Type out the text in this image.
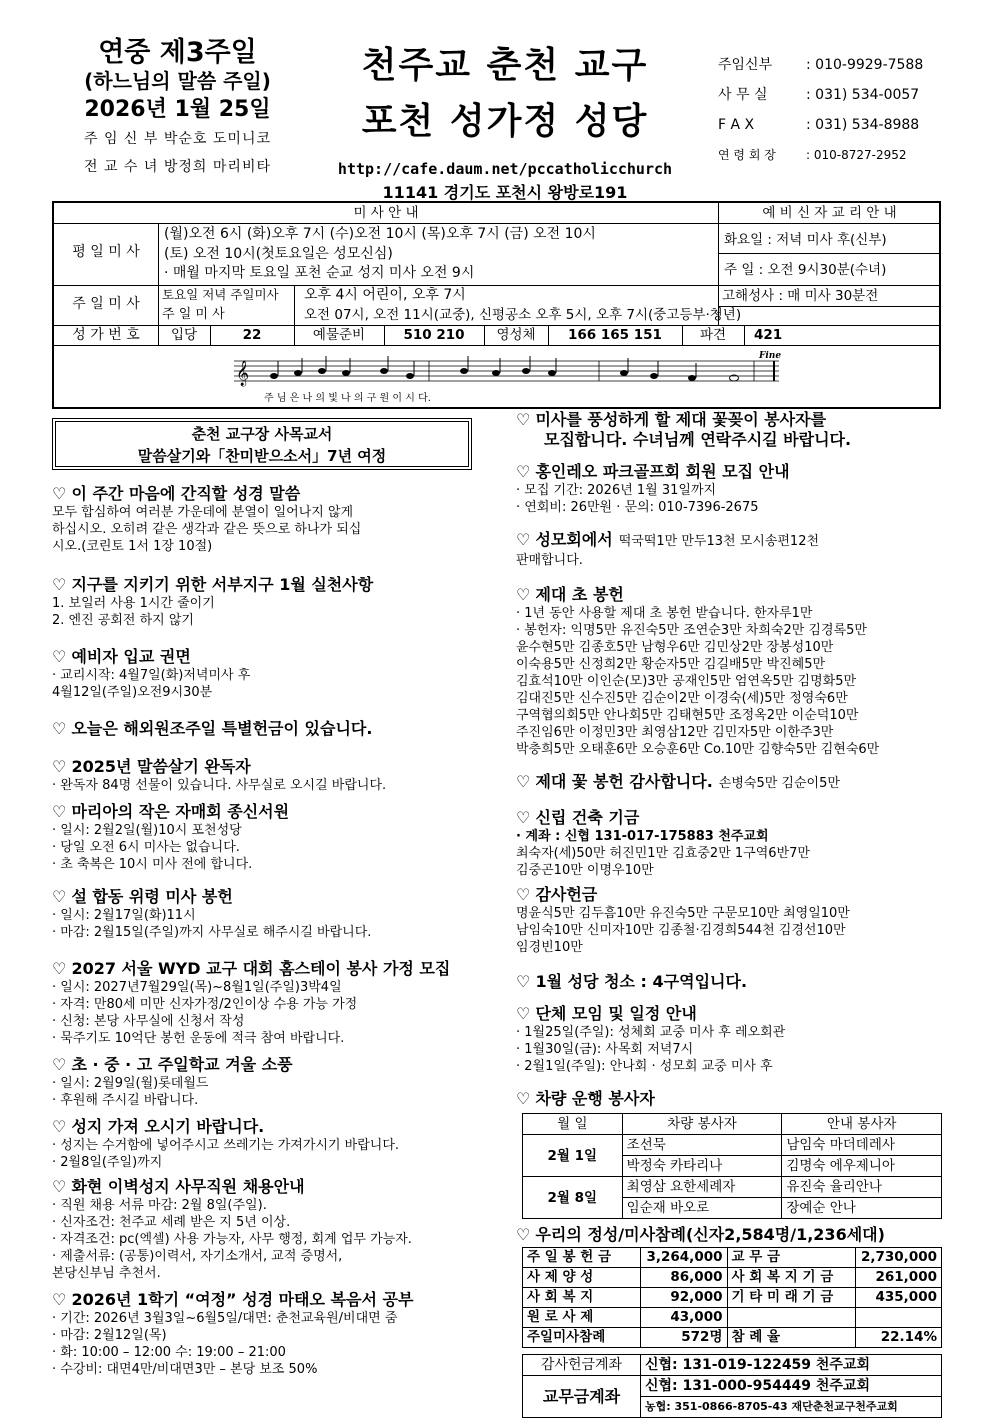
연중 제3주일
(하느님의 말씀 주일)
2026년 1월 25일
주 임 신 부 박순호 도미니코
전 교 수 녀 방정희 마리비타
천주교 춘천 교구
포천 성가정 성당
http://cafe.daum.net/pccatholicchurch
11141 경기도 포천시 왕방로191
주임신부	: 010-9929-7588
사 무 실	: 031) 534-0057
F A X	: 031) 534-8988
연 령 회 장	: 010-8727-2952
미 사 안 내	예 비 신 자 교 리 안 내
평 일 미 사
(월)오전 6시 (화)오후 7시 (수)오전 10시 (목)오후 7시 (금) 오전 10시
(토) 오전 10시(첫토요일은 성모신심)
· 매월 마지막 토요일 포천 순교 성지 미사 오전 9시
화요일 : 저녁 미사 후(신부)
주 일 : 오전 9시30분(수녀)
주 일 미 사
토요일 저녁 주일미사	오후 4시 어린이, 오후 7시	고해성사 : 매 미사 30분전
주 일 미 사	오전 07시, 오전 11시(교중), 신평공소 오후 5시, 오후 7시(중고등부·청년)
성 가 번 호	입당	22	예물준비	510 210	영성체	166 165 151	파견	421
𝄞
Fine
주 님 은 나 의 빛 나 의 구 원 이 시 다.
춘천 교구장 사목교서
말씀살기와「찬미받으소서」7년 여정
♡ 이 주간 마음에 간직할 성경 말씀
모두 합심하여 여러분 가운데에 분열이 일어나지 않게
하십시오. 오히려 같은 생각과 같은 뜻으로 하나가 되십
시오.(코린토 1서 1장 10절)
♡ 지구를 지키기 위한 서부지구 1월 실천사항
1. 보일러 사용 1시간 줄이기
2. 엔진 공회전 하지 않기
♡ 예비자 입교 권면
· 교리시작: 4월7일(화)저녁미사 후
4월12일(주일)오전9시30분
♡ 오늘은 해외원조주일 특별헌금이 있습니다.
♡ 2025년 말씀살기 완독자
· 완독자 84명 선물이 있습니다. 사무실로 오시길 바랍니다.
♡ 마리아의 작은 자매회 종신서원
· 일시: 2월2일(월)10시 포천성당
· 당일 오전 6시 미사는 없습니다.
· 초 축복은 10시 미사 전에 합니다.
♡ 설 합동 위령 미사 봉헌
· 일시: 2월17일(화)11시
· 마감: 2월15일(주일)까지 사무실로 해주시길 바랍니다.
♡ 2027 서울 WYD 교구 대회 홈스테이 봉사 가정 모집
· 일시: 2027년7월29일(목)~8월1일(주일)3박4일
· 자격: 만80세 미만 신자가정/2인이상 수용 가능 가정
· 신청: 본당 사무실에 신청서 작성
· 묵주기도 10억단 봉헌 운동에 적극 참여 바랍니다.
♡ 초 · 중 · 고 주일학교 겨울 소풍
· 일시: 2월9일(월)롯데월드
· 후원해 주시길 바랍니다.
♡ 성지 가져 오시기 바랍니다.
· 성지는 수거함에 넣어주시고 쓰레기는 가져가시기 바랍니다.
· 2월8일(주일)까지
♡ 화현 이벽성지 사무직원 채용안내
· 직원 채용 서류 마감: 2월 8일(주일).
· 신자조건: 천주교 세례 받은 지 5년 이상.
· 자격조건: pc(엑셀) 사용 가능자, 사무 행정, 회계 업무 가능자.
· 제출서류: (공통)이력서, 자기소개서, 교적 증명서,
본당신부님 추천서.
♡ 2026년 1학기 “여정” 성경 마태오 복음서 공부
· 기간: 2026년 3월3일~6월5일/대면: 춘천교육원/비대면 줌
· 마감: 2월12일(목)
· 화: 10:00 – 12:00 수: 19:00 – 21:00
· 수강비: 대면4만/비대면3만 – 본당 보조 50%
♡ 미사를 풍성하게 할 제대 꽃꽂이 봉사자를
모집합니다. 수녀님께 연락주시길 바랍니다.
♡ 홍인레오 파크골프회 회원 모집 안내
· 모집 기간: 2026년 1월 31일까지
· 연회비: 26만원 · 문의: 010-7396-2675
♡ 성모회에서 떡국떡1만 만두13천 모시송편12천
판매합니다.
♡ 제대 초 봉헌
· 1년 동안 사용할 제대 초 봉헌 받습니다. 한자루1만
· 봉헌자: 익명5만 유진숙5만 조연순3만 차희숙2만 김경록5만
윤수현5만 김종호5만 남형우6만 김민상2만 장봉성10만
이숙용5만 신정희2만 황순자5만 김길배5만 박진혜5만
김효석10만 이인순(모)3만 공재인5만 엄연옥5만 김명화5만
김대진5만 신수진5만 김순이2만 이경숙(세)5만 정영숙6만
구역협의회5만 안나회5만 김태현5만 조정옥2만 이순덕10만
주진임6만 이정민3만 최영삼12만 김민자5만 이한주3만
박충희5만 오태훈6만 오승훈6만 Co.10만 김향숙5만 김현숙6만
♡ 제대 꽃 봉헌 감사합니다. 손병숙5만 김순이5만
♡ 신립 건축 기금
· 계좌 : 신협 131-017-175883 천주교회
최숙자(세)50만 허진민1만 김효중2만 1구역6반7만
김중곤10만 이명우10만
♡ 감사헌금
명윤식5만 김두흠10만 유진숙5만 구문모10만 최영일10만
남임숙10만 신미자10만 김종철·김경희544천 김경선10만
임경빈10만
♡ 1월 성당 청소 : 4구역입니다.
♡ 단체 모임 및 일정 안내
· 1월25일(주일): 성체회 교중 미사 후 레오회관
· 1월30일(금): 사목회 저녁7시
· 2월1일(주일): 안나회 · 성모회 교중 미사 후
♡ 차량 운행 봉사자
월 일	차량 봉사자	안내 봉사자
2월 1일	조선묵	남임숙 마더데레사
	박정숙 카타리나	김명숙 에우제니아
2월 8일	최영삼 요한세례자	유진숙 율리안나
	임순재 바오로	장예순 안나
♡ 우리의 정성/미사참례(신자2,584명/1,236세대)
주 일 봉 헌 금	3,264,000	교 무 금	2,730,000
사 제 양 성	86,000	사 회 복 지 기 금	261,000
사 회 복 지	92,000	기 타 미 래 기 금	435,000
원 로 사 제	43,000		
주일미사참례	572명	참 례 율	22.14%
감사헌금계좌	신협: 131-019-122459 천주교회
교무금계좌	신협: 131-000-954449 천주교회
	농협: 351-0866-8705-43 재단춘천교구천주교회
